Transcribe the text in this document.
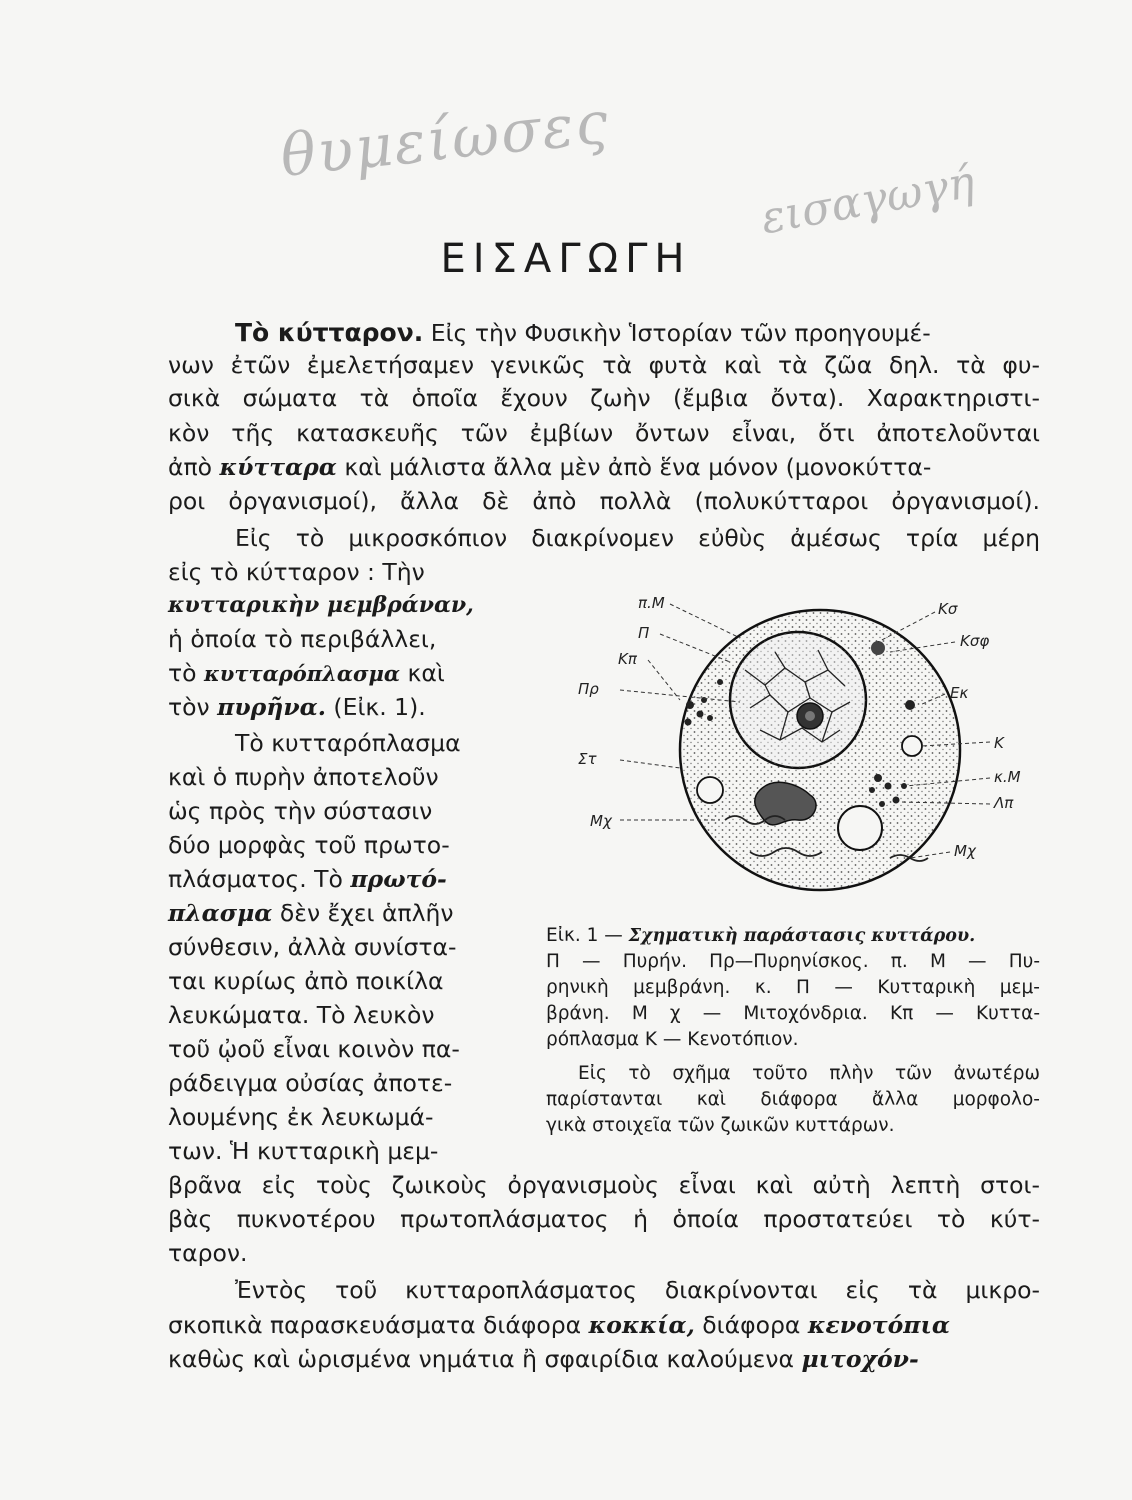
θυμείωσες
εισαγωγή
ΕΙΣΑΓΩΓΗ
Τὸ κύτταρον. Εἰς τὴν Φυσικὴν Ἱστορίαν τῶν προηγουμέ-
νων ἐτῶν ἐμελετήσαμεν γενικῶς τὰ φυτὰ καὶ τὰ ζῶα δηλ. τὰ φυ-
σικὰ σώματα τὰ ὁποῖα ἔχουν ζωὴν (ἔμβια ὄντα). Χαρακτηριστι-
κὸν τῆς κατασκευῆς τῶν ἐμβίων ὄντων εἶναι, ὅτι ἀποτελοῦνται
ἀπὸ κύτταρα καὶ μάλιστα ἄλλα μὲν ἀπὸ ἕνα μόνον (μονοκύττα-
ροι ὀργανισμοί), ἄλλα δὲ ἀπὸ πολλὰ (πολυκύτταροι ὀργανισμοί).
Εἰς τὸ μικροσκόπιον διακρίνομεν εὐθὺς ἀμέσως τρία μέρη
εἰς τὸ κύτταρον : Τὴν
κυτταρικὴν μεμβράναν,
ἡ ὁποία τὸ περιβάλλει,
τὸ κυτταρόπλασμα καὶ
τὸν πυρῆνα. (Εἰκ. 1).
Τὸ κυτταρόπλασμα
καὶ ὁ πυρὴν ἀποτελοῦν
ὡς πρὸς τὴν σύστασιν
δύο μορφὰς τοῦ πρωτο-
πλάσματος. Τὸ πρωτό-
πλασμα δὲν ἔχει ἁπλῆν
σύνθεσιν, ἀλλὰ συνίστα-
ται κυρίως ἀπὸ ποικίλα
λευκώματα. Τὸ λευκὸν
τοῦ ᾠοῦ εἶναι κοινὸν πα-
ράδειγμα οὐσίας ἀποτε-
λουμένης ἐκ λευκωμά-
των. Ἡ κυτταρικὴ μεμ-
βρᾶνα εἰς τοὺς ζωικοὺς ὀργανισμοὺς εἶναι καὶ αὐτὴ λεπτὴ στοι-
βὰς πυκνοτέρου πρωτοπλάσματος ἡ ὁποία προστατεύει τὸ κύτ-
ταρον.
Ἐντὸς τοῦ κυτταροπλάσματος διακρίνονται εἰς τὰ μικρο-
σκοπικὰ παρασκευάσματα διάφορα κοκκία, διάφορα κενοτόπια
καθὼς καὶ ὡρισμένα νημάτια ἢ σφαιρίδια καλούμενα μιτοχόν-
π.Μ
Π
Κπ
Πρ
Στ
Μχ
Κσ
Κσφ
Εκ
Κ
κ.Μ
Λπ
Μχ
Εἰκ. 1 — Σχηματικὴ παράστασις κυττάρου.
Π — Πυρήν. Πρ—Πυρηνίσκος. π. Μ — Πυ-
ρηνικὴ μεμβράνη. κ. Π — Κυτταρικὴ μεμ-
βράνη. Μ χ — Μιτοχόνδρια. Κπ — Κυττα-
ρόπλασμα Κ — Κενοτόπιον.
Εἰς τὸ σχῆμα τοῦτο πλὴν τῶν ἀνωτέρω
παρίστανται καὶ διάφορα ἄλλα μορφολο-
γικὰ στοιχεῖα τῶν ζωικῶν κυττάρων.
